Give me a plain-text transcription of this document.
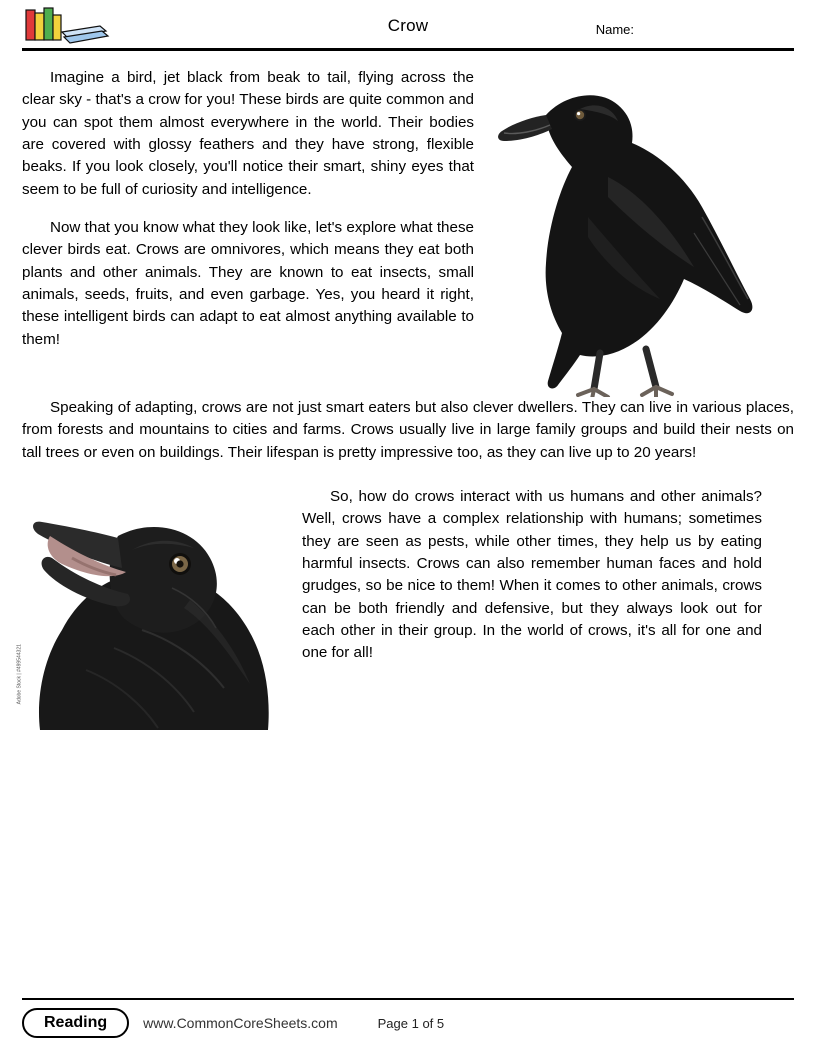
Crow	Name:

Imagine a bird, jet black from beak to tail, flying across the clear sky - that's a crow for you! These birds are quite common and you can spot them almost everywhere in the world. Their bodies are covered with glossy feathers and they have strong, flexible beaks. If you look closely, you'll notice their smart, shiny eyes that seem to be full of curiosity and intelligence.

Now that you know what they look like, let's explore what these clever birds eat. Crows are omnivores, which means they eat both plants and other animals. They are known to eat insects, small animals, seeds, fruits, and even garbage. Yes, you heard it right, these intelligent birds can adapt to eat almost anything available to them!

Speaking of adapting, crows are not just smart eaters but also clever dwellers. They can live in various places, from forests and mountains to cities and farms. Crows usually live in large family groups and build their nests on tall trees or even on buildings. Their lifespan is pretty impressive too, as they can live up to 20 years!

Adobe Stock | #499544321

So, how do crows interact with us humans and other animals? Well, crows have a complex relationship with humans; sometimes they are seen as pests, while other times, they help us by eating harmful insects. Crows can also remember human faces and hold grudges, so be nice to them! When it comes to other animals, crows can be both friendly and defensive, but they always look out for each other in their group. In the world of crows, it's all for one and one for all!

Reading	www.CommonCoreSheets.com	Page 1 of 5
